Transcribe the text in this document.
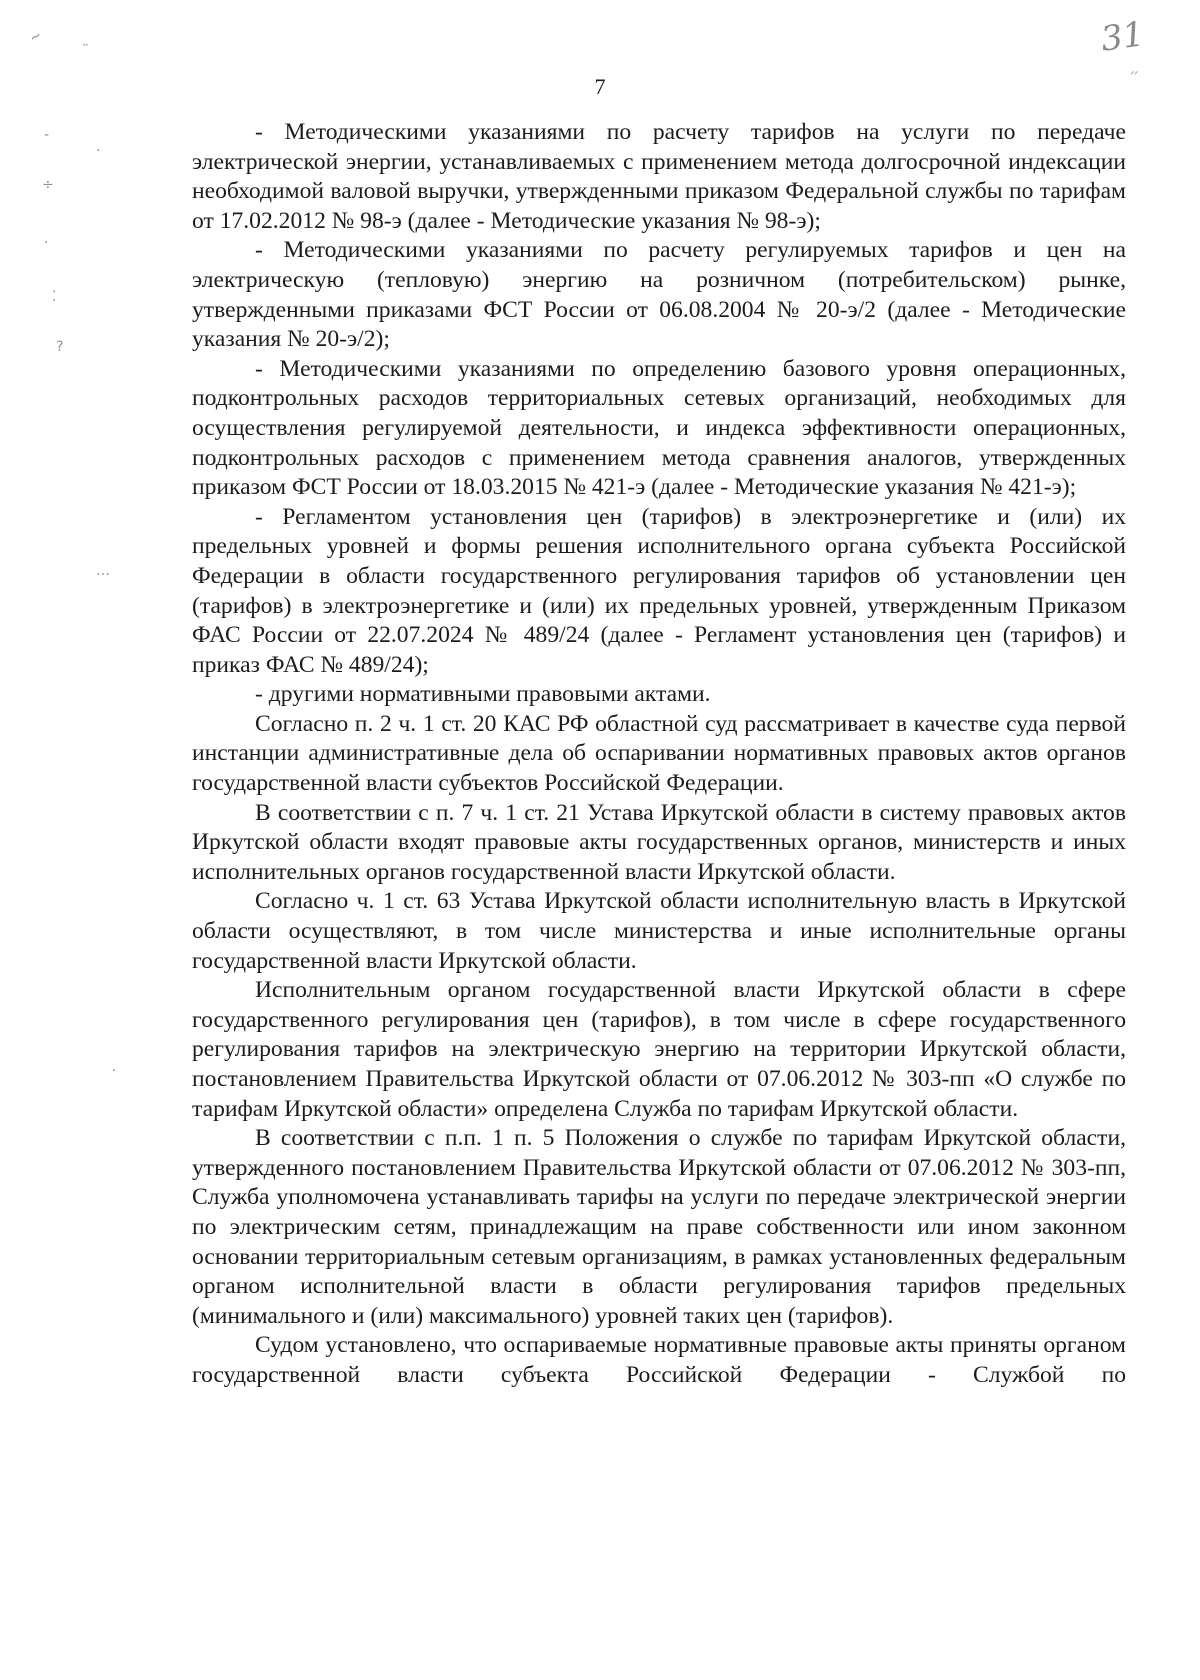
~
¨
-
.
÷
·
⁚
?
…
⸱
31
′′
7

- Методическими указаниями по расчету тарифов на услуги по передаче электрической энергии, устанавливаемых с применением метода долгосрочной индексации необходимой валовой выручки, утвержденными приказом Федеральной службы по тарифам от 17.02.2012 № 98-э (далее - Методические указания № 98-э);

- Методическими указаниями по расчету регулируемых тарифов и цен на электрическую (тепловую) энергию на розничном (потребительском) рынке, утвержденными приказами ФСТ России от 06.08.2004 № 20-э/2 (далее - Методические указания № 20-э/2);

- Методическими указаниями по определению базового уровня операционных, подконтрольных расходов территориальных сетевых организаций, необходимых для осуществления регулируемой деятельности, и индекса эффективности операционных, подконтрольных расходов с применением метода сравнения аналогов, утвержденных приказом ФСТ России от 18.03.2015 № 421-э (далее - Методические указания № 421-э);

- Регламентом установления цен (тарифов) в электроэнергетике и (или) их предельных уровней и формы решения исполнительного органа субъекта Российской Федерации в области государственного регулирования тарифов об установлении цен (тарифов) в электроэнергетике и (или) их предельных уровней, утвержденным Приказом ФАС России от 22.07.2024 № 489/24 (далее - Регламент установления цен (тарифов) и приказ ФАС № 489/24);

- другими нормативными правовыми актами.

Согласно п. 2 ч. 1 ст. 20 КАС РФ областной суд рассматривает в качестве суда первой инстанции административные дела об оспаривании нормативных правовых актов органов государственной власти субъектов Российской Федерации.

В соответствии с п. 7 ч. 1 ст. 21 Устава Иркутской области в систему правовых актов Иркутской области входят правовые акты государственных органов, министерств и иных исполнительных органов государственной власти Иркутской области.

Согласно ч. 1 ст. 63 Устава Иркутской области исполнительную власть в Иркутской области осуществляют, в том числе министерства и иные исполнительные органы государственной власти Иркутской области.

Исполнительным органом государственной власти Иркутской области в сфере государственного регулирования цен (тарифов), в том числе в сфере государственного регулирования тарифов на электрическую энергию на территории Иркутской области, постановлением Правительства Иркутской области от 07.06.2012 № 303-пп «О службе по тарифам Иркутской области» определена Служба по тарифам Иркутской области.

В соответствии с п.п. 1 п. 5 Положения о службе по тарифам Иркутской области, утвержденного постановлением Правительства Иркутской области от 07.06.2012 № 303-пп, Служба уполномочена устанавливать тарифы на услуги по передаче электрической энергии по электрическим сетям, принадлежащим на праве собственности или ином законном основании территориальным сетевым организациям, в рамках установленных федеральным органом исполнительной власти в области регулирования тарифов предельных (минимального и (или) максимального) уровней таких цен (тарифов).

Судом установлено, что оспариваемые нормативные правовые акты приняты органом государственной власти субъекта Российской Федерации - Службой по
